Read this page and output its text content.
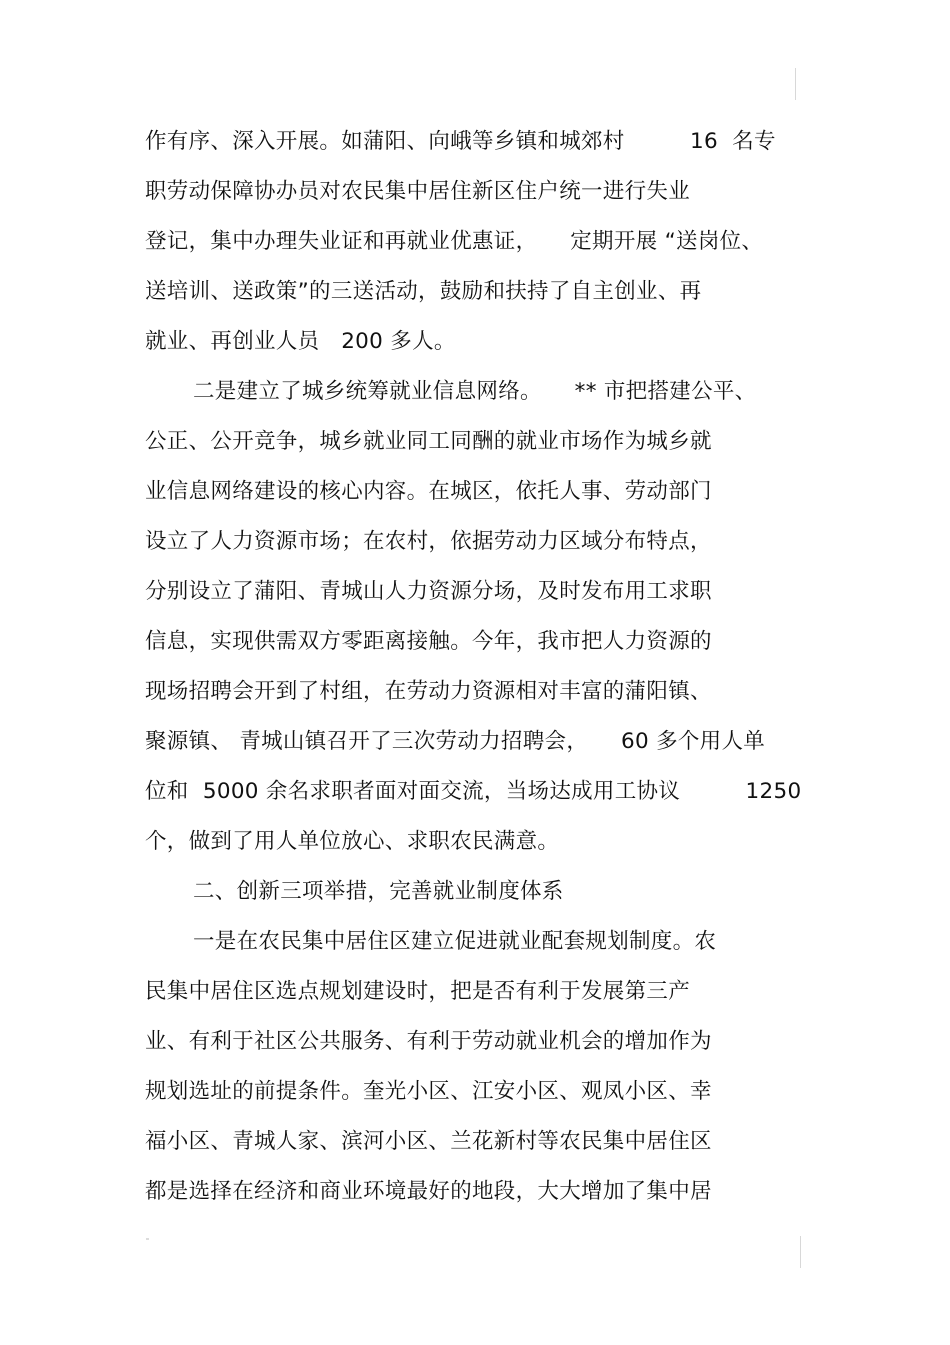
作有序、深入开展。如蒲阳、向峨等乡镇和城郊村　　　16  名专
职劳动保障协办员对农民集中居住新区住户统一进行失业
登记，集中办理失业证和再就业优惠证，　　定期开展 “送岗位、
送培训、送政策”的三送活动，鼓励和扶持了自主创业、再
就业、再创业人员　200 多人。
二是建立了城乡统筹就业信息网络。　　** 市把搭建公平、
公正、公开竞争，城乡就业同工同酬的就业市场作为城乡就
业信息网络建设的核心内容。在城区，依托人事、劳动部门
设立了人力资源市场；在农村，依据劳动力区域分布特点，
分别设立了蒲阳、青城山人力资源分场，及时发布用工求职
信息，实现供需双方零距离接触。今年，我市把人力资源的
现场招聘会开到了村组，在劳动力资源相对丰富的蒲阳镇、
聚源镇、 青城山镇召开了三次劳动力招聘会，　　60 多个用人单
位和  5000 余名求职者面对面交流，当场达成用工协议　　　1250
个，做到了用人单位放心、求职农民满意。
二、创新三项举措，完善就业制度体系
一是在农民集中居住区建立促进就业配套规划制度。农
民集中居住区选点规划建设时，把是否有利于发展第三产
业、有利于社区公共服务、有利于劳动就业机会的增加作为
规划选址的前提条件。奎光小区、江安小区、观凤小区、幸
福小区、青城人家、滨河小区、兰花新村等农民集中居住区
都是选择在经济和商业环境最好的地段，大大增加了集中居
